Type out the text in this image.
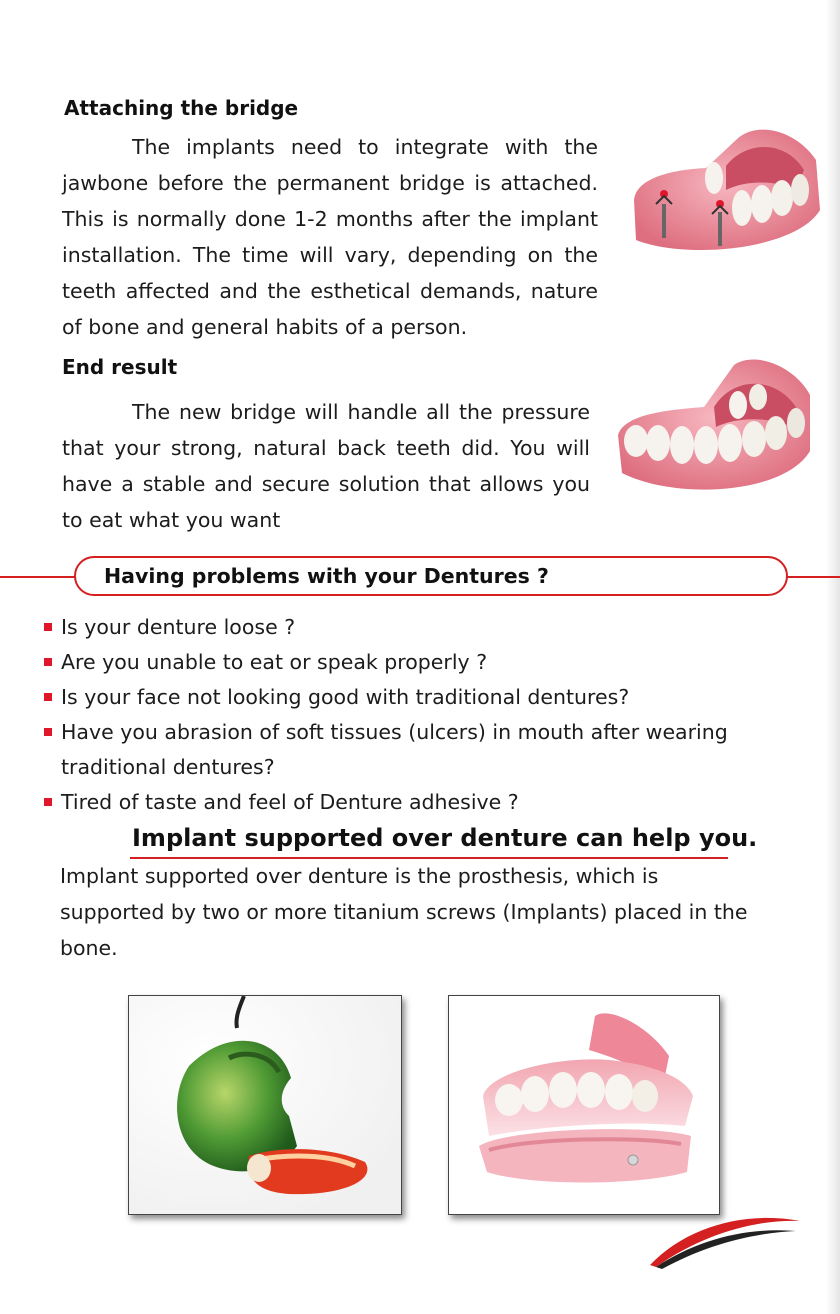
Attaching the bridge
The implants need to integrate with the
jawbone before the permanent bridge is attached.
This is normally done 1-2 months after the implant
installation. The time will vary, depending on the
teeth affected and the esthetical demands, nature
of bone and general habits of a person.
End result
The new bridge will handle all the pressure
that your strong, natural back teeth did. You will
have a stable and secure solution that allows you
to eat what you want
Having problems with your Dentures ?
Is your denture loose ?
Are you unable to eat or speak properly ?
Is your face not looking good with traditional dentures?
Have you abrasion of soft tissues (ulcers) in mouth after wearing
traditional dentures?
Tired of taste and feel of Denture adhesive ?
Implant supported over denture can help you.
Implant supported over denture is the prosthesis, which is
supported by two or more titanium screws (Implants) placed in the
bone.
